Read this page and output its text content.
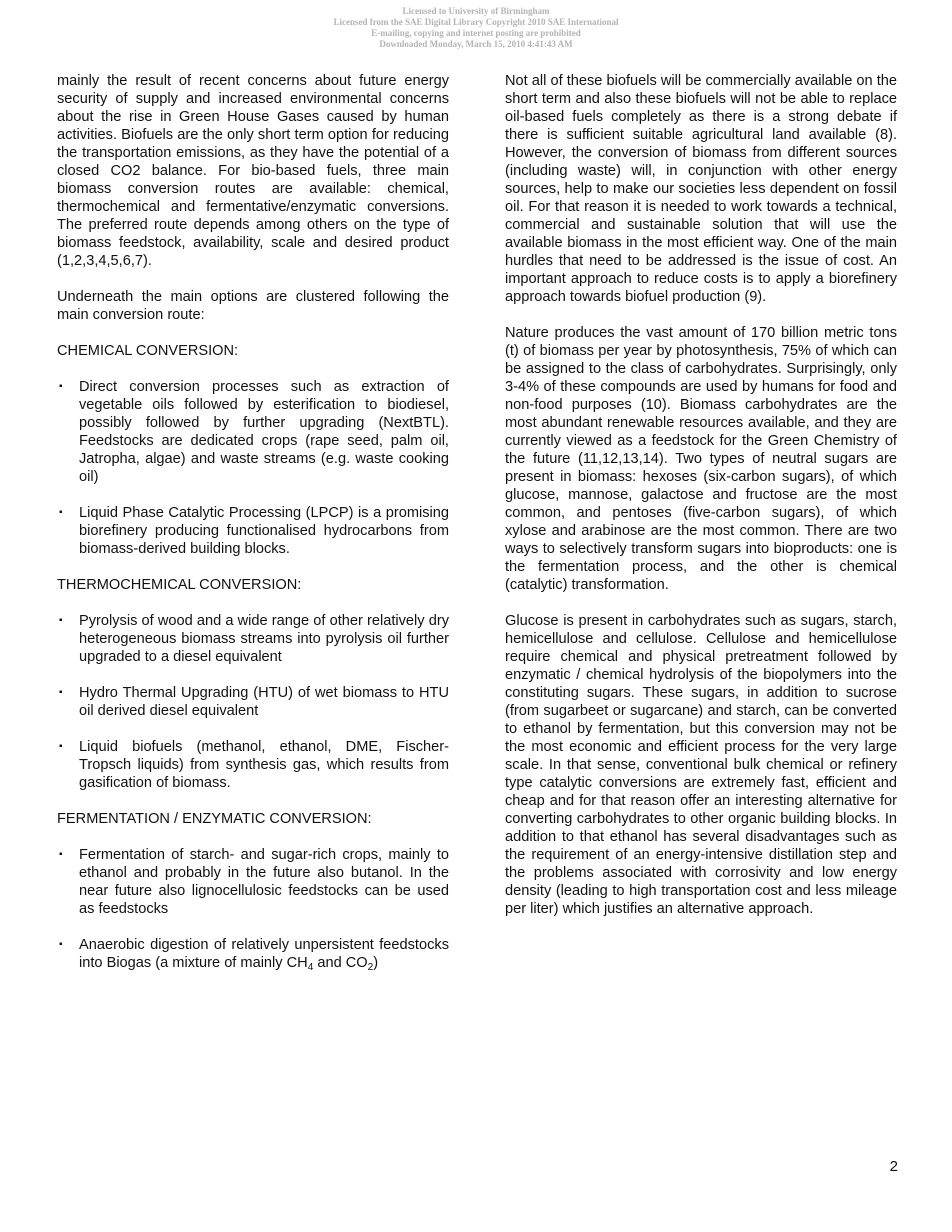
Licensed to University of Birmingham
Licensed from the SAE Digital Library Copyright 2010 SAE International
E-mailing, copying and internet posting are prohibited
Downloaded Monday, March 15, 2010 4:41:43 AM

mainly the result of recent concerns about future energy security of supply and increased environmental concerns about the rise in Green House Gases caused by human activities. Biofuels are the only short term option for reducing the transportation emissions, as they have the potential of a closed CO2 balance. For bio-based fuels, three main biomass conversion routes are available: chemical, thermochemical and fermentative/enzymatic conversions. The preferred route depends among others on the type of biomass feedstock, availability, scale and desired product (1,2,3,4,5,6,7).

Underneath the main options are clustered following the main conversion route:

CHEMICAL CONVERSION:

▪ Direct conversion processes such as extraction of vegetable oils followed by esterification to biodiesel, possibly followed by further upgrading (NextBTL). Feedstocks are dedicated crops (rape seed, palm oil, Jatropha, algae) and waste streams (e.g. waste cooking oil)
▪ Liquid Phase Catalytic Processing (LPCP) is a promising biorefinery producing functionalised hydrocarbons from biomass-derived building blocks.

THERMOCHEMICAL CONVERSION:

▪ Pyrolysis of wood and a wide range of other relatively dry heterogeneous biomass streams into pyrolysis oil further upgraded to a diesel equivalent
▪ Hydro Thermal Upgrading (HTU) of wet biomass to HTU oil derived diesel equivalent
▪ Liquid biofuels (methanol, ethanol, DME, Fischer-Tropsch liquids) from synthesis gas, which results from gasification of biomass.

FERMENTATION / ENZYMATIC CONVERSION:

▪ Fermentation of starch- and sugar-rich crops, mainly to ethanol and probably in the future also butanol. In the near future also lignocellulosic feedstocks can be used as feedstocks
▪ Anaerobic digestion of relatively unpersistent feedstocks into Biogas (a mixture of mainly $CH_4$ and $CO_2$)

Not all of these biofuels will be commercially available on the short term and also these biofuels will not be able to replace oil-based fuels completely as there is a strong debate if there is sufficient suitable agricultural land available (8). However, the conversion of biomass from different sources (including waste) will, in conjunction with other energy sources, help to make our societies less dependent on fossil oil. For that reason it is needed to work towards a technical, commercial and sustainable solution that will use the available biomass in the most efficient way. One of the main hurdles that need to be addressed is the issue of cost. An important approach to reduce costs is to apply a biorefinery approach towards biofuel production (9).

Nature produces the vast amount of 170 billion metric tons (t) of biomass per year by photosynthesis, 75% of which can be assigned to the class of carbohydrates. Surprisingly, only 3-4% of these compounds are used by humans for food and non-food purposes (10). Biomass carbohydrates are the most abundant renewable resources available, and they are currently viewed as a feedstock for the Green Chemistry of the future (11,12,13,14). Two types of neutral sugars are present in biomass: hexoses (six-carbon sugars), of which glucose, mannose, galactose and fructose are the most common, and pentoses (five-carbon sugars), of which xylose and arabinose are the most common. There are two ways to selectively transform sugars into bioproducts: one is the fermentation process, and the other is chemical (catalytic) transformation.

Glucose is present in carbohydrates such as sugars, starch, hemicellulose and cellulose. Cellulose and hemicellulose require chemical and physical pretreatment followed by enzymatic / chemical hydrolysis of the biopolymers into the constituting sugars. These sugars, in addition to sucrose (from sugarbeet or sugarcane) and starch, can be converted to ethanol by fermentation, but this conversion may not be the most economic and efficient process for the very large scale. In that sense, conventional bulk chemical or refinery type catalytic conversions are extremely fast, efficient and cheap and for that reason offer an interesting alternative for converting carbohydrates to other organic building blocks. In addition to that ethanol has several disadvantages such as the requirement of an energy-intensive distillation step and the problems associated with corrosivity and low energy density (leading to high transportation cost and less mileage per liter) which justifies an alternative approach.

2
